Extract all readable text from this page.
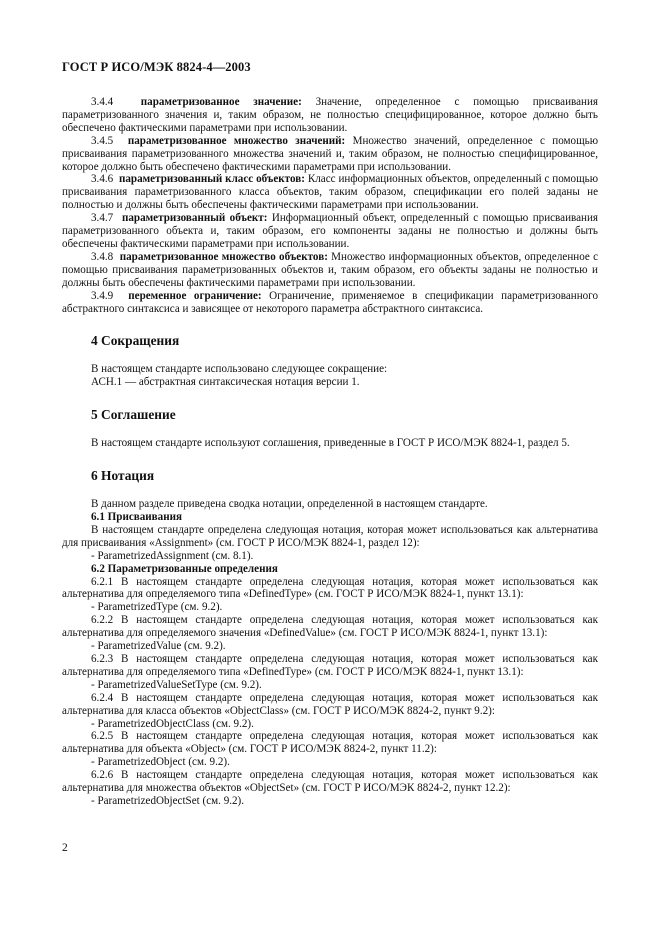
ГОСТ Р ИСО/МЭК 8824-4—2003

3.4.4 параметризованное значение: Значение, определенное с помощью присваивания параметризованного значения и, таким образом, не полностью специфицированное, которое должно быть обеспечено фактическими параметрами при использовании.

3.4.5 параметризованное множество значений: Множество значений, определенное с помощью присваивания параметризованного множества значений и, таким образом, не полностью специфицированное, которое должно быть обеспечено фактическими параметрами при использовании.

3.4.6 параметризованный класс объектов: Класс информационных объектов, определенный с помощью присваивания параметризованного класса объектов, таким образом, спецификации его полей заданы не полностью и должны быть обеспечены фактическими параметрами при использовании.

3.4.7 параметризованный объект: Информационный объект, определенный с помощью присваивания параметризованного объекта и, таким образом, его компоненты заданы не полностью и должны быть обеспечены фактическими параметрами при использовании.

3.4.8 параметризованное множество объектов: Множество информационных объектов, определенное с помощью присваивания параметризованных объектов и, таким образом, его объекты заданы не полностью и должны быть обеспечены фактическими параметрами при использовании.

3.4.9 переменное ограничение: Ограничение, применяемое в спецификации параметризованного абстрактного синтаксиса и зависящее от некоторого параметра абстрактного синтаксиса.

4 Сокращения

В настоящем стандарте использовано следующее сокращение:

АСН.1 — абстрактная синтаксическая нотация версии 1.

5 Соглашение

В настоящем стандарте используют соглашения, приведенные в ГОСТ Р ИСО/МЭК 8824-1, раздел 5.

6 Нотация

В данном разделе приведена сводка нотации, определенной в настоящем стандарте.

6.1 Присваивания

В настоящем стандарте определена следующая нотация, которая может использоваться как альтернатива для присваивания «Assignment» (см. ГОСТ Р ИСО/МЭК 8824-1, раздел 12):

- ParametrizedAssignment (см. 8.1).

6.2 Параметризованные определения

6.2.1 В настоящем стандарте определена следующая нотация, которая может использоваться как альтернатива для определяемого типа «DefinedType» (см. ГОСТ Р ИСО/МЭК 8824-1, пункт 13.1):

- ParametrizedType (см. 9.2).

6.2.2 В настоящем стандарте определена следующая нотация, которая может использоваться как альтернатива для определяемого значения «DefinedValue» (см. ГОСТ Р ИСО/МЭК 8824-1, пункт 13.1):

- ParametrizedValue (см. 9.2).

6.2.3 В настоящем стандарте определена следующая нотация, которая может использоваться как альтернатива для определяемого типа «DefinedType» (см. ГОСТ Р ИСО/МЭК 8824-1, пункт 13.1):

- ParametrizedValueSetType (см. 9.2).

6.2.4 В настоящем стандарте определена следующая нотация, которая может использоваться как альтернатива для класса объектов «ObjectClass» (см. ГОСТ Р ИСО/МЭК 8824-2, пункт 9.2):

- ParametrizedObjectClass (см. 9.2).

6.2.5 В настоящем стандарте определена следующая нотация, которая может использоваться как альтернатива для объекта «Object» (см. ГОСТ Р ИСО/МЭК 8824-2, пункт 11.2):

- ParametrizedObject (см. 9.2).

6.2.6 В настоящем стандарте определена следующая нотация, которая может использоваться как альтернатива для множества объектов «ObjectSet» (см. ГОСТ Р ИСО/МЭК 8824-2, пункт 12.2):

- ParametrizedObjectSet (см. 9.2).

2
